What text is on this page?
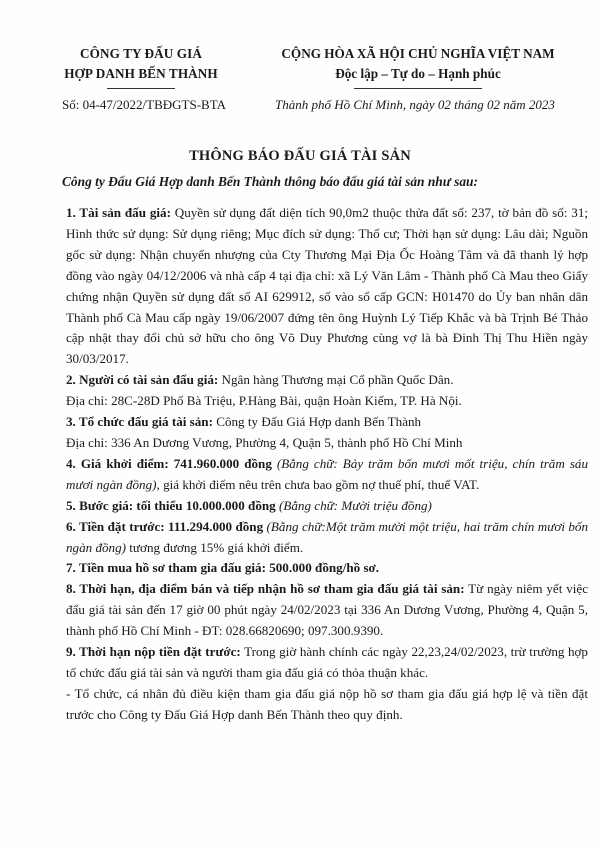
CÔNG TY ĐẤU GIÁ
HỢP DANH BẾN THÀNH
CỘNG HÒA XÃ HỘI CHỦ NGHĨA VIỆT NAM
Độc lập – Tự do – Hạnh phúc
Số: 04-47/2022/TBĐGTS-BTA	Thành phố Hồ Chí Minh, ngày 02 tháng 02 năm 2023
THÔNG BÁO ĐẤU GIÁ TÀI SẢN
Công ty Đấu Giá Hợp danh Bến Thành thông báo đấu giá tài sản như sau:

1. Tài sản đấu giá: Quyền sử dụng đất diện tích 90,0m2 thuộc thửa đất số: 237, tờ bản đồ số: 31; Hình thức sử dụng: Sử dụng riêng; Mục đích sử dụng: Thổ cư; Thời hạn sử dụng: Lâu dài; Nguồn gốc sử dụng: Nhận chuyển nhượng của Cty Thương Mại Địa Ốc Hoàng Tâm và đã thanh lý hợp đồng vào ngày 04/12/2006 và nhà cấp 4 tại địa chỉ: xã Lý Văn Lâm - Thành phố Cà Mau theo Giấy chứng nhận Quyền sử dụng đất số AI 629912, số vào sổ cấp GCN: H01470 do Ủy ban nhân dân Thành phố Cà Mau cấp ngày 19/06/2007 đứng tên ông Huỳnh Lý Tiếp Khắc và bà Trịnh Bé Thảo cập nhật thay đổi chủ sở hữu cho ông Võ Duy Phương cùng vợ là bà Đinh Thị Thu Hiền ngày 30/03/2017.

2. Người có tài sản đấu giá: Ngân hàng Thương mại Cổ phần Quốc Dân.

Địa chỉ: 28C-28D Phố Bà Triệu, P.Hàng Bài, quận Hoàn Kiếm, TP. Hà Nội.

3. Tổ chức đấu giá tài sản: Công ty Đấu Giá Hợp danh Bến Thành

Địa chỉ: 336 An Dương Vương, Phường 4, Quận 5, thành phố Hồ Chí Minh

4. Giá khởi điểm: 741.960.000 đồng (Bằng chữ: Bảy trăm bốn mươi mốt triệu, chín trăm sáu mươi ngàn đồng), giá khởi điểm nêu trên chưa bao gồm nợ thuế phí, thuế VAT.

5. Bước giá: tối thiểu 10.000.000 đồng (Bằng chữ: Mười triệu đồng)

6. Tiền đặt trước: 111.294.000 đồng (Bằng chữ:Một trăm mười một triệu, hai trăm chín mươi bốn ngàn đồng) tương đương 15% giá khởi điểm.

7. Tiền mua hồ sơ tham gia đấu giá: 500.000 đồng/hồ sơ.

8. Thời hạn, địa điểm bán và tiếp nhận hồ sơ tham gia đấu giá tài sản: Từ ngày niêm yết việc đấu giá tài sản đến 17 giờ 00 phút ngày 24/02/2023 tại 336 An Dương Vương, Phường 4, Quận 5, thành phố Hồ Chí Minh - ĐT: 028.66820690; 097.300.9390.

9. Thời hạn nộp tiền đặt trước: Trong giờ hành chính các ngày 22,23,24/02/2023, trừ trường hợp tổ chức đấu giá tài sản và người tham gia đấu giá có thỏa thuận khác.

- Tổ chức, cá nhân đủ điều kiện tham gia đấu giá nộp hồ sơ tham gia đấu giá hợp lệ và tiền đặt trước cho Công ty Đấu Giá Hợp danh Bến Thành theo quy định.
